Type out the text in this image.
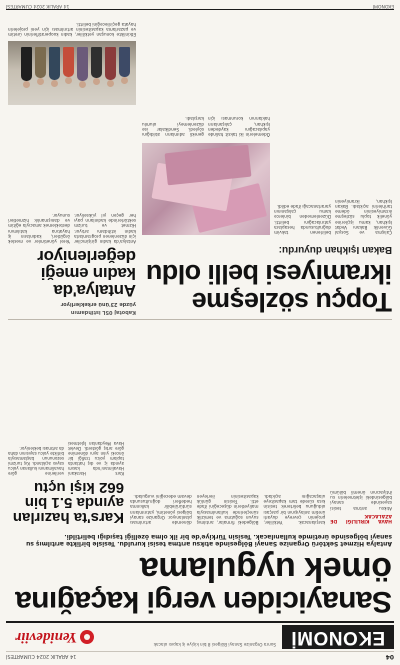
04
14 ARALIK 2024 CUMARTESİ
EKONOMİ
Sonra Organize Sanayi Bölgesi 8 bin kişiye iş kapısı olacak
Yenideviir
Sanayiciden vergi kaçağına
ömek uygulama
Antalya Hizmet Sektörü Organize Sanayi Bölgesinde atıksu arıtma tesisi kuruldu. Tesisle birlikte arıtılmış su sanayi bölgesinde üretimde kullanılacak. Tesisin Türkiye'de bir ilk olma özelliği taşıdığı belirtildi.
HAVA KİRLİLİĞİ DE AZALACAK
Atıksu arıtma tesisi sayesinde sanayi bölgesindeki işletmelerin su ihtiyacının önemli bölümü karşılanacak. Yetkililer, projenin çevreye duyarlı üretim anlayışının bir parçası olduğunu belirterek tesisin kısa sürede tam kapasiteye ulaşacağını açıkladı. Bölgedeki firmalar, arıtılmış suyun soğutma ve temizlik süreçlerinde kullanılmasıyla maliyetlerin düşeceğini ifade etti. Tesisin günlük kapasitesinin ilerleyen dönemde artırılması planlanıyor. Organize sanayi bölgesi yönetimi, yatırımların sürdürülebilir kalkınma hedefleri doğrultusunda devam edeceğini vurguladı.
Kars'ta hazırlan ayında 5.1 bin 662 kişi uçtu
Kars Harakani Havalimanı'nda kasım ayında iç ve dış hatlarda toplam yolcu trafiği bir önceki yılın aynı dönemine göre artış gösterdi. Devlet Hava Meydanları İşletmesi verilerine göre havalimanını kullanan yolcu sayısı açıklandı. Kış turizmi sezonunun başlamasıyla birlikte yolcu sayısının daha da artması bekleniyor.
Topçu sözleşme
ikramiyesi belli oldu
Bakan Işıkhan duyurdu:
Çalışma ve Sosyal Güvenlik Bakanı Vedat Işıkhan, kamu işçilerine yönelik toplu sözleşme ikramiyesinin ödeme tarihlerini açıkladı. Bakan Işıkhan, ikramiyenin belirlenen takvim doğrultusunda hesaplara yatırılacağını belirtti. Düzenlemeden binlerce kamu çalışanının yararlanacağı ifade edildi.
Ödemelerin iki taksit halinde yapılacağını kaydeden Işıkhan, çalışanların haklarının korunması için gerekli adımların atıldığını söyledi. Sendikalar ise düzenlemeyi olumlu karşıladı.
Kabotaj 05L istihdamın
yüzde 23'ünü erkeklerliyor
Antalya'da kadın emeği değerleniyor
Antalya'da kadın girişimciler için düzenlenen programlarla kadın istihdamı artıyor. Hizmet ve turizm sektörlerinde kadınların payı her geçen yıl yükseliyor. Yerel yönetimler ve meslek örgütleri, kadınların iş hayatına katılımını desteklemek amacıyla eğitim ve danışmanlık hizmetleri sunuyor.
Etkinlikte konuşan yetkililer, kadın kooperatiflerinin üretim ve pazarlama kapasitesinin artırılması için yeni projelerin hayata geçirileceğini belirtti.
EKONOMİ
14 ARALIK 2024 CUMARTESİ
